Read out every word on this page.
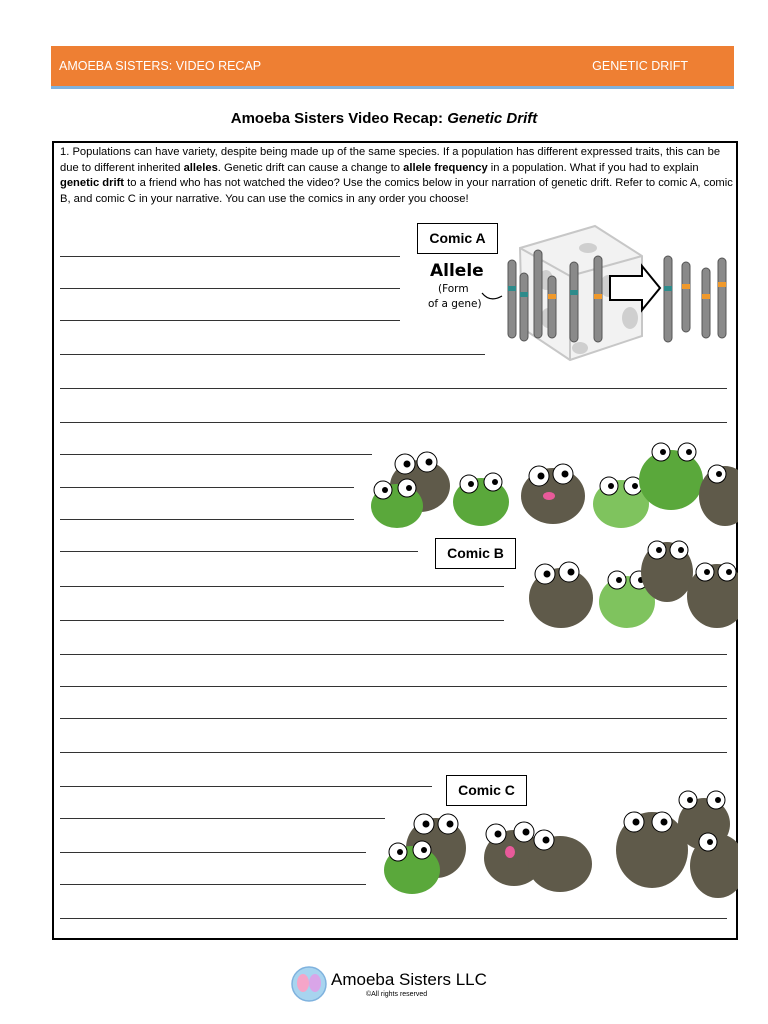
AMOEBA SISTERS: VIDEO RECAP	GENETIC DRIFT
Amoeba Sisters Video Recap: Genetic Drift
1. Populations can have variety, despite being made up of the same species. If a population has different expressed traits, this can be due to different inherited alleles. Genetic drift can cause a change to allele frequency in a population. What if you had to explain genetic drift to a friend who has not watched the video? Use the comics below in your narration of genetic drift. Refer to comic A, comic B, and comic C in your narrative. You can use the comics in any order you choose!
Comic A
Comic B
Comic C
Allele
(Form
of a gene)
Amoeba Sisters LLC
©All rights reserved
